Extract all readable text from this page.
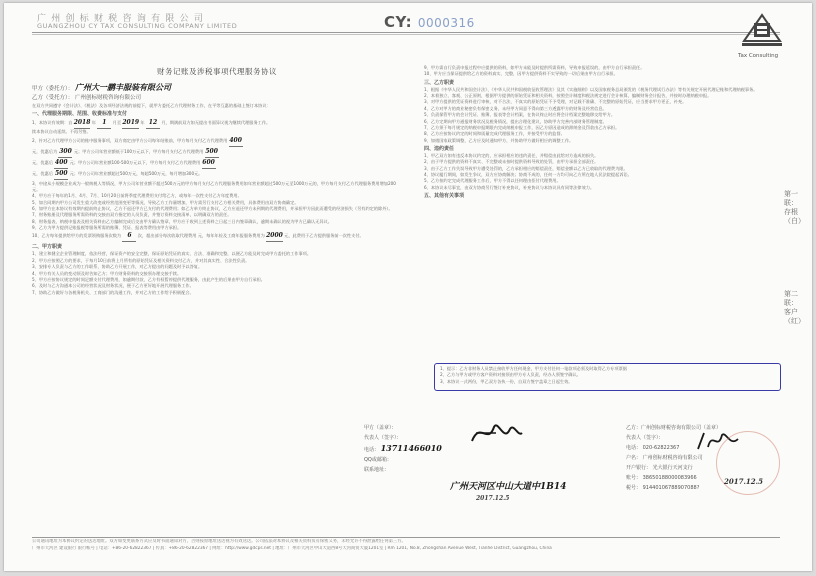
广 州 创 标 财 税 咨 询 有 限 公 司
GUANGZHOU CY TAX CONSULTING COMPANY LIMITED	CY: 0000316
Tax Consulting
财务记账及涉税事项代理服务协议
甲方（委托方）： 广州大一鹏丰服装有限公司
乙方（受托方）： 广州创标财税咨询有限公司

在双方共同遵守《会计法》、《税法》及各项经济法规的前提下，就甲方委托乙方代理财务工作，在平等互惠的基础上签订本协议：

一、代理服务期限、范围、收费标准与支付

1、本协议有效期：自 2018 年 1 月至 2019 年 12 月，期满前双方如无提出书面异议视为继续代理服务工作。

续本协议自动延续。不再另签。

2、针对乙方代理甲方公司的账中服务事项，双方商定由甲方公司每年结账前，甲方每月支付乙方代理费用 400

元，优惠后为 300 元；甲方公司年营业额低于100万元以下，甲方每月支付乙方代理费用 500

元，优惠后 400 元；甲方公司年营业额100-500万元以下，甲方每月支付乙方代理费用 600

元，优惠后 500 元；甲方公司年营业额超过500万元，每超500万元，每月增加300元。

3、中途从小规模企业成为一般纳税人等情况，甲方公司年营业额不超过500万元的甲方每月支付乙方代理服务费用如年营业额超过500万元至1000万元的，甲方每月支付乙方代理服务费用增加200元。

4、甲方应于每年的1月、4月、7月、10月20日前将季度代理费用支付给乙方，或每年一次性支付乙方年度费用。

5、如合同期内甲方公司发生重大改变或经营范围变更等情况，导致乙方工作量增加，甲方需另行支付乙方相关费用，具体费用由双方协商确定。

6、如甲方在本协议有效期内提前终止协议，乙方不退还甲方已支付的代理费用；如乙方单方终止协议，乙方应退还甲方未到期的代理费用，并承担甲方因此而遭受的经济损失（另有约定的除外）。

7、财务账册及代理服务所需资料的交接由双方指定的人员负责，并签订资料交接清单，以明确双方的责任。

8、财务报表、纳税申报表及相关资料由乙方编制完成后交由甲方确认签章，甲方应于收到上述资料之日起三日内签章确认，逾期未确认的视为甲方已确认无异议。

9、乙方为甲方提供记账报税等服务所需的账簿、凭证、报表等费用由甲方承担。

10、乙方每年提供给甲方的发票领购服务次数为 6 次，超出部分每次收取代理费用 元，每年年检及工商年报服务费用为 2000 元，此费用于乙方提供服务前一次性支付。

二、甲方职责

1、建立和健全企业管理制度，依法经营，保证资产的安全完整，保证原始凭证的真实、合法、准确和完整，以便乙方能及时完成甲方委托的工作事项。

2、甲方应按照乙方的要求，于每月10日前将上月所有的原始凭证及相关资料交付乙方，并对其真实性、合法性负责。

3、安排专人负责与乙方的工作联系，协助乙方开展工作，对乙方提出的问题及时予以答复。

4、甲方有关人员的变动须及时告知乙方；甲方财务资料的交接须办理交接手续。

5、甲方应按协议规定的时间足额支付代理费用，如逾期付款，乙方有权暂停提供代理服务，由此产生的后果由甲方自行承担。

6、及时与乙方沟通本公司的经营状况及财务状况，便于乙方更好地开展代理服务工作。

7、协助乙方做好与各税务机关、工商部门的沟通工作，并对乙方的工作给予积极配合。

9、甲方需自行负责申报过程中应提供的资料，如甲方未能及时提供所需资料，导致申报延误的，由甲方自行承担责任。

10、甲方应当保证提供给乙方的资料真实、完整，因甲方提供资料不实导致的一切后果由甲方自行承担。

三、乙方职责

1、根据《中华人民共和国会计法》、《中华人民共和国税收征收管理法》及其《实施细则》以及国家税务总局颁发的《税务代理试行办法》等有关规定开展代理记账和代理纳税事务。

2、本着独立、客观、公正原则，根据甲方提供的原始凭证和相关资料，按照会计制度和税法规定进行会计核算，编制财务会计报告，并按时办理纳税申报。

3、对甲方提供的凭证资料进行审核，对不合法、不真实的原始凭证不予受理，对记载不准确、不完整的原始凭证，应当要求甲方更正、补充。

4、乙方对甲方的商业秘密负有保密义务，未经甲方同意不得向第三方透露甲方的财务及经营信息。

5、负责保管甲方的会计凭证、账簿、报表等会计档案，在协议终止时应将会计档案完整地移交给甲方。

6、乙方定期向甲方通报财务状况及税务情况，提出合理化建议，协助甲方完善内部财务管理制度。

7、乙方须于每月规定的纳税申报期限内完成纳税申报工作，因乙方原因造成的滞纳金及罚款由乙方承担。

8、乙方应按协议约定的时间和质量完成代理服务工作，并接受甲方的监督。

9、如遇国家政策调整，乙方应及时通知甲方，并协助甲方做好相应的调整工作。

四、违约责任

1、甲乙双方如有违反本协议约定的，应承担相应的违约责任，并赔偿由此给对方造成的损失。

2、由于甲方提供的资料不真实、不完整或未按时提供资料导致的处罚，由甲方承担全部责任。

3、由于乙方工作失误导致甲方遭受处罚的，乙方承担相应的赔偿责任，赔偿金额以乙方已收取的代理费为限。

4、协议履行期间，如发生争议，双方应协商解决；协商不成的，任何一方均可向乙方所在地人民法院提起诉讼。

5、乙方按约定完成代理服务工作后，甲方不得以任何理由拒付代理费用。

6、本协议未尽事宜，由双方协商另行签订补充协议，补充协议与本协议具有同等法律效力。

五、其他有关事项

1、提示：乙方非财务人员禁止接收甲方任何现金，甲方支付任何一笔款项必须及时取得乙方专项票据

2、乙方与甲方或甲方客户资料对接须由甲方专人负责，经办人须签字确认。

3、本协议一式两份，甲乙双方各执一份，自双方签字盖章之日起生效。

甲方（盖章）：
代表人（签字）：
电话： 13711466010
QQ或邮箱：
联系地址：
广州天河区中山大道中1B14
2017.12.5
乙方：广州创标财税咨询有限公司（盖章）
代表人（签字）：
电话： 020-62822367
户名： 广州创标财税咨询有限公司
开户银行： 光大银行天河支行
账号： 38650188000083966
税号： 91440106788907088?
2017.12.5

公司通讯地址为本协议约定的送达地址。双方如变更联系方式应及时书面通知对方，否则按原地址送达视为有效送达。公司依法对本协议及相关资料负有保密义务，未经允许不得泄露给任何第三方。

广州市天河区 建设银行 银行帐号 | 电话：+86-20-62822367 | 传真：+86-20-62822367 | 网址：http://www.gdcps.net | 地址：广州市天河区中山大道西8号天河商贸大厦1201室 | Rm 1201, No.8, Zhongshan Avenue West, Tianhe District, Guangzhou, China

第一联：存根（白）
第二联：客户（红）
